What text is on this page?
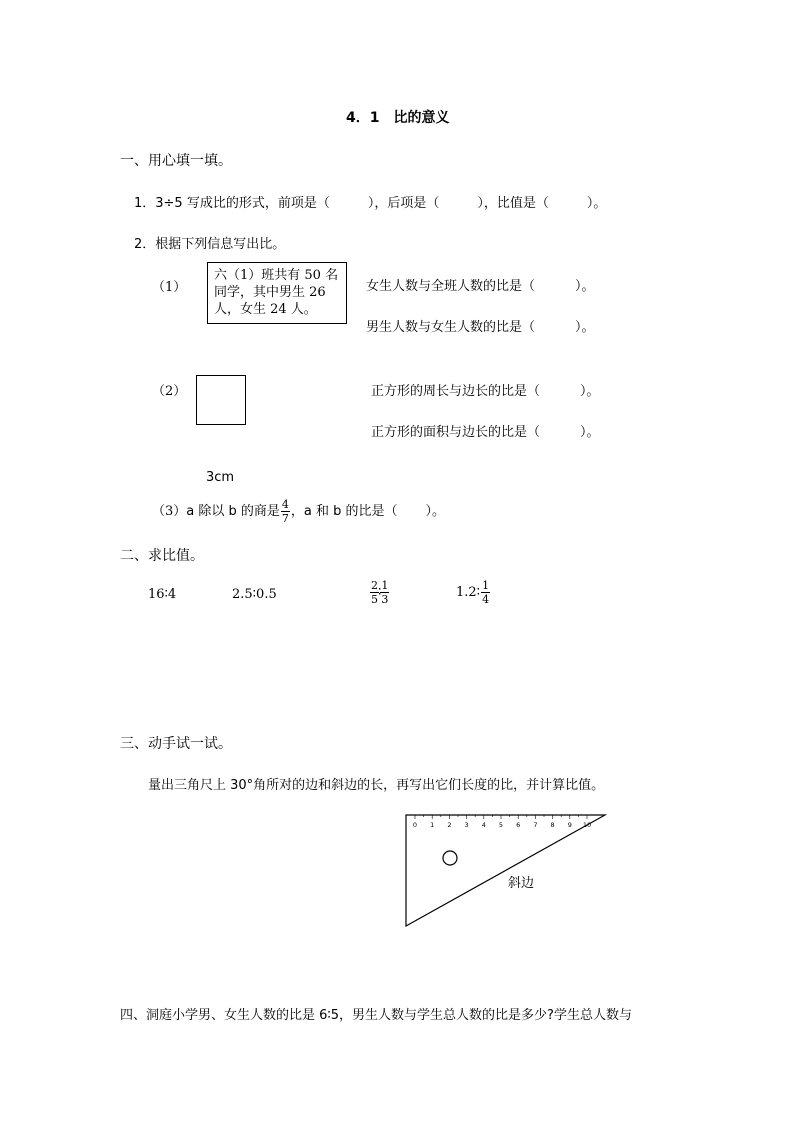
4．1　比的意义
一、用心填一填。
1．3÷5 写成比的形式，前项是（	），后项是（	），比值是（	）。
2．根据下列信息写出比。
（1）
六（1）班共有 50 名同学，其中男生 26 人，女生 24 人。
女生人数与全班人数的比是（	）。
男生人数与女生人数的比是（	）。
（2）	正方形的周长与边长的比是（	）。
正方形的面积与边长的比是（	）。
3cm
（3）a 除以 b 的商是 $\frac{4}{7}$ ，a 和 b 的比是（ ）。
二、求比值。
16∶4	2.5∶0.5	$\frac{2}{5}$ ∶ $\frac{1}{3}$	1.2∶ $\frac{1}{4}$
三、动手试一试。
量出三角尺上 30°角所对的边和斜边的长，再写出它们长度的比，并计算比值。
0 1 2 3 4 5 6 7 8 9 10
斜边
四、洞庭小学男、女生人数的比是 6∶5，男生人数与学生总人数的比是多少?学生总人数与
